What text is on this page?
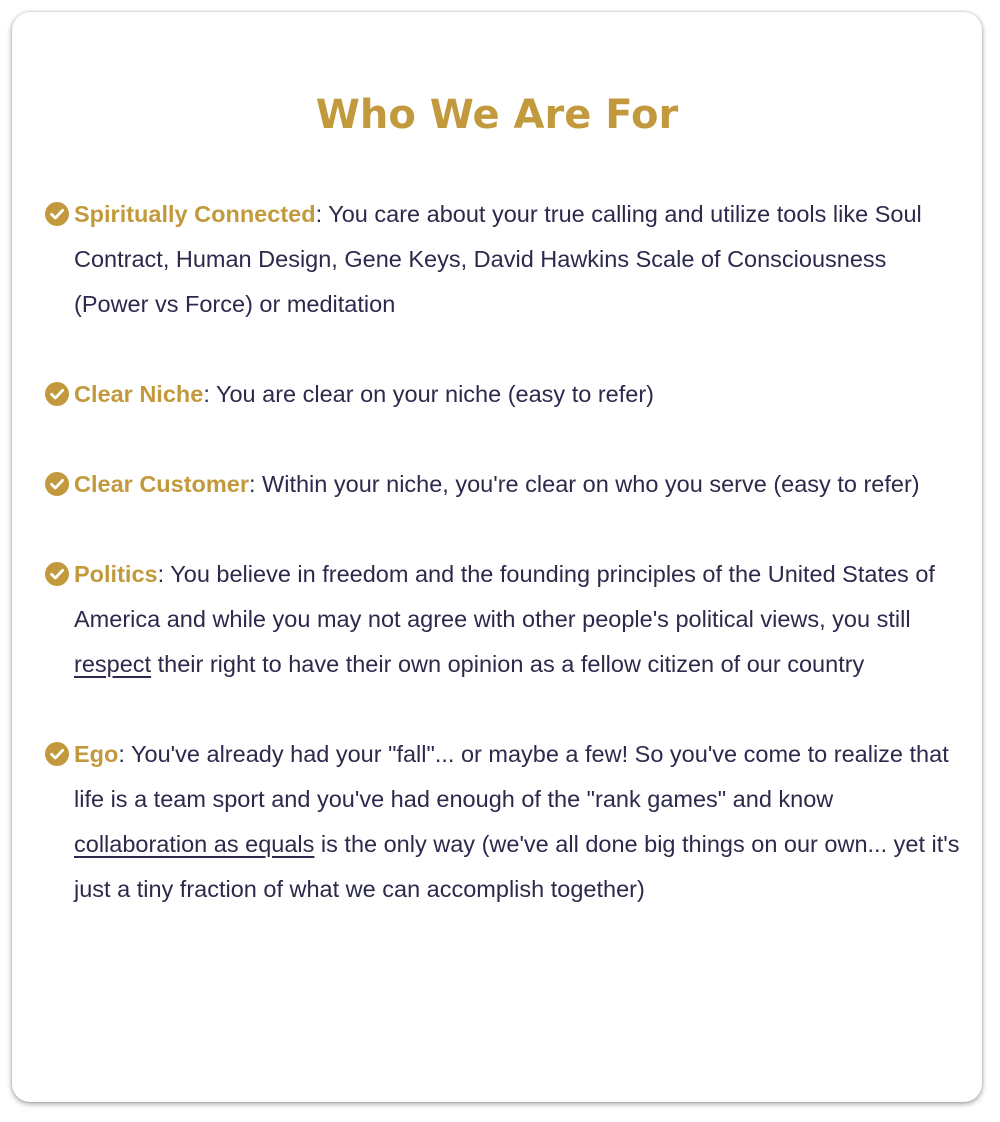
Who We Are For
Spiritually Connected: You care about your true calling and utilize tools like Soul Contract, Human Design, Gene Keys, David Hawkins Scale of Consciousness (Power vs Force) or meditation
Clear Niche: You are clear on your niche (easy to refer)
Clear Customer: Within your niche, you're clear on who you serve (easy to refer)
Politics: You believe in freedom and the founding principles of the United States of America and while you may not agree with other people's political views, you still respect their right to have their own opinion as a fellow citizen of our country
Ego: You've already had your "fall"... or maybe a few! So you've come to realize that life is a team sport and you've had enough of the "rank games" and know collaboration as equals is the only way (we've all done big things on our own... yet it's just a tiny fraction of what we can accomplish together)
